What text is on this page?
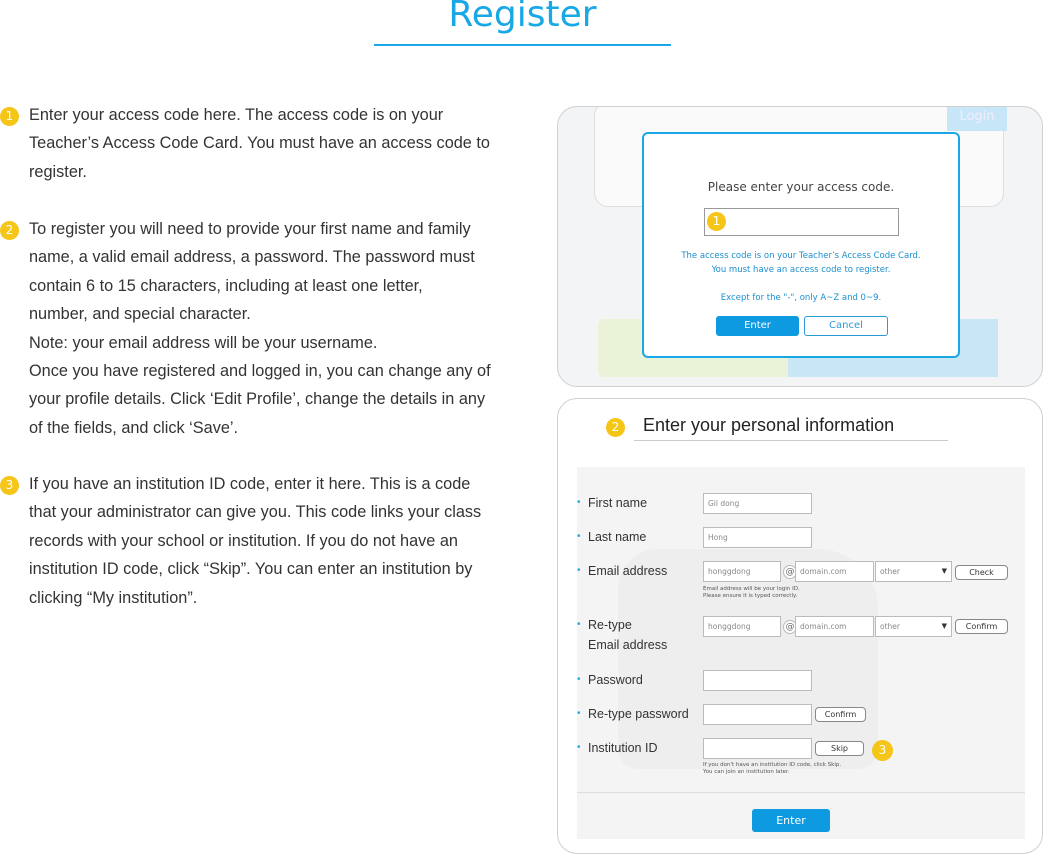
Register
1 Enter your access code here. The access code is on your
Teacher’s Access Code Card. You must have an access code to
register.

2 To register you will need to provide your first name and family
name, a valid email address, a password. The password must
contain 6 to 15 characters, including at least one letter,
number, and special character.
Note: your email address will be your username.
Once you have registered and logged in, you can change any of
your profile details. Click ‘Edit Profile’, change the details in any
of the fields, and click ‘Save’.

3 If you have an institution ID code, enter it here. This is a code
that your administrator can give you. This code links your class
records with your school or institution. If you do not have an
institution ID code, click “Skip”. You can enter an institution by
clicking “My institution”.

Login
Please enter your access code.
1
The access code is on your Teacher’s Access Code Card.
You must have an access code to register.
Except for the "-", only A~Z and 0~9.
Enter	Cancel
2	Enter your personal information
• First name	Gil dong
• Last name	Hong
• Email address	honggdong	@ domain.com	other	▼	Check
Email address will be your login ID.
Please ensure it is typed correctly.
• Re-type
Email address
honggdong	@ domain.com	other	▼	Confirm
• Password
• Re-type password	Confirm
• Institution ID	Skip	3
If you don't have an institution ID code, click Skip.
You can join an institution later.
Enter
